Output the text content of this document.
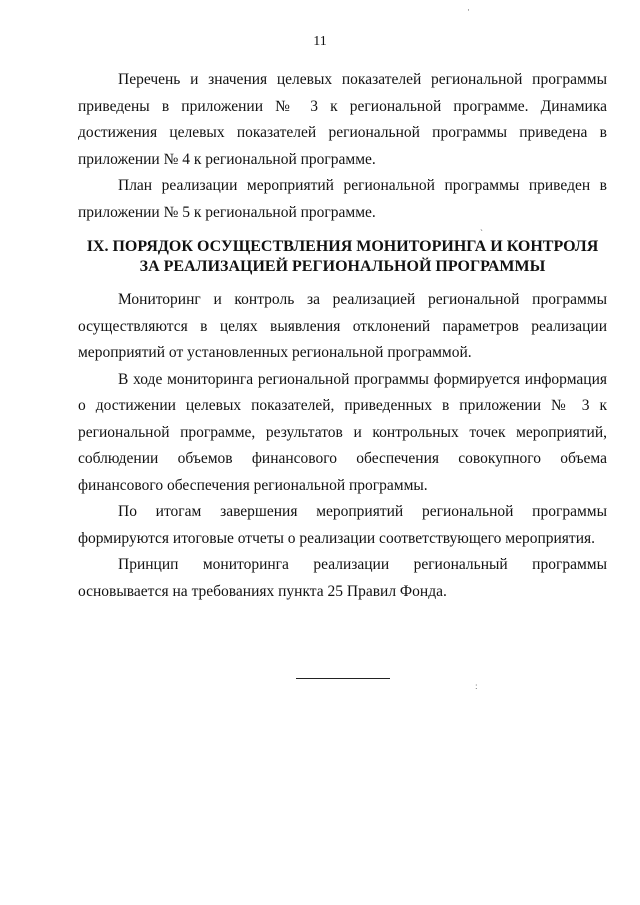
·
ˏ
˸
11

Перечень и значения целевых показателей региональной программы приведены в приложении № 3 к региональной программе. Динамика достижения целевых показателей региональной программы приведена в приложении № 4 к региональной программе.

План реализации мероприятий региональной программы приведен в приложении № 5 к региональной программе.

IX. ПОРЯДОК ОСУЩЕСТВЛЕНИЯ МОНИТОРИНГА И КОНТРОЛЯ
ЗА РЕАЛИЗАЦИЕЙ РЕГИОНАЛЬНОЙ ПРОГРАММЫ

Мониторинг и контроль за реализацией региональной программы осуществляются в целях выявления отклонений параметров реализации мероприятий от установленных региональной программой.

В ходе мониторинга региональной программы формируется информация о достижении целевых показателей, приведенных в приложении № 3 к региональной программе, результатов и контрольных точек мероприятий, соблюдении объемов финансового обеспечения совокупного объема финансового обеспечения региональной программы.

По итогам завершения мероприятий региональной программы формируются итоговые отчеты о реализации соответствующего мероприятия.

Принцип мониторинга реализации региональный программы основывается на требованиях пункта 25 Правил Фонда.
